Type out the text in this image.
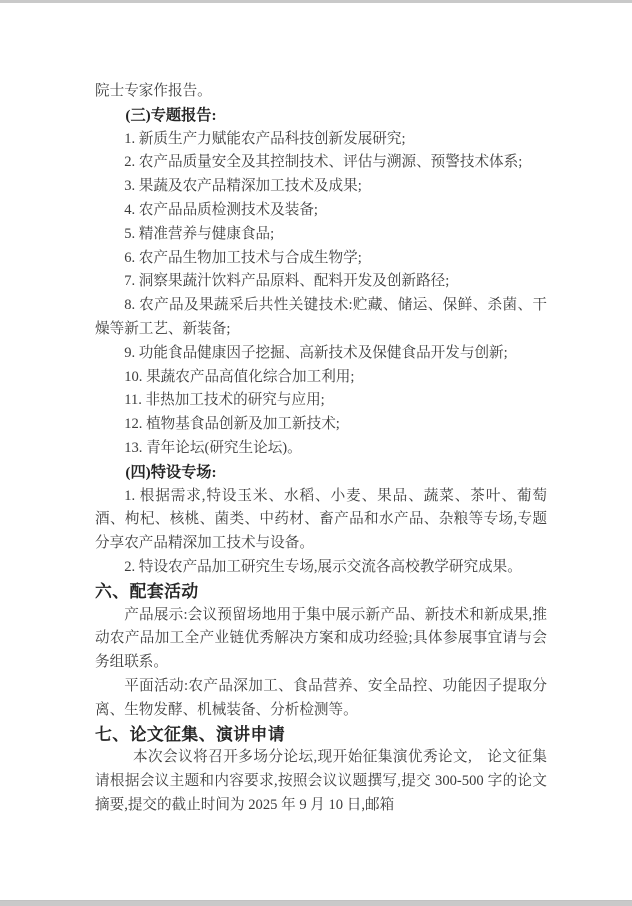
院士专家作报告。

(三)专题报告:

1. 新质生产力赋能农产品科技创新发展研究;

2. 农产品质量安全及其控制技术、评估与溯源、预警技术体系;

3. 果蔬及农产品精深加工技术及成果;

4. 农产品品质检测技术及装备;

5. 精准营养与健康食品;

6. 农产品生物加工技术与合成生物学;

7. 洞察果蔬汁饮料产品原料、配料开发及创新路径;

8. 农产品及果蔬采后共性关键技术:贮藏、储运、保鲜、杀菌、干燥等新工艺、新装备;

9. 功能食品健康因子挖掘、高新技术及保健食品开发与创新;

10. 果蔬农产品高值化综合加工利用;

11. 非热加工技术的研究与应用;

12. 植物基食品创新及加工新技术;

13. 青年论坛(研究生论坛)。

(四)特设专场:

1. 根据需求,特设玉米、水稻、小麦、果品、蔬菜、茶叶、葡萄酒、枸杞、核桃、菌类、中药材、畜产品和水产品、杂粮等专场,专题分享农产品精深加工技术与设备。

2. 特设农产品加工研究生专场,展示交流各高校教学研究成果。

六、配套活动

产品展示:会议预留场地用于集中展示新产品、新技术和新成果,推动农产品加工全产业链优秀解决方案和成功经验;具体参展事宜请与会务组联系。

平面活动:农产品深加工、食品营养、安全品控、功能因子提取分离、生物发酵、机械装备、分析检测等。

七、论文征集、演讲申请

本次会议将召开多场分论坛,现开始征集演优秀论文,　论文征集请根据会议主题和内容要求,按照会议议题撰写,提交 300-500 字的论文摘要,提交的截止时间为 2025 年 9 月 10 日,邮箱
